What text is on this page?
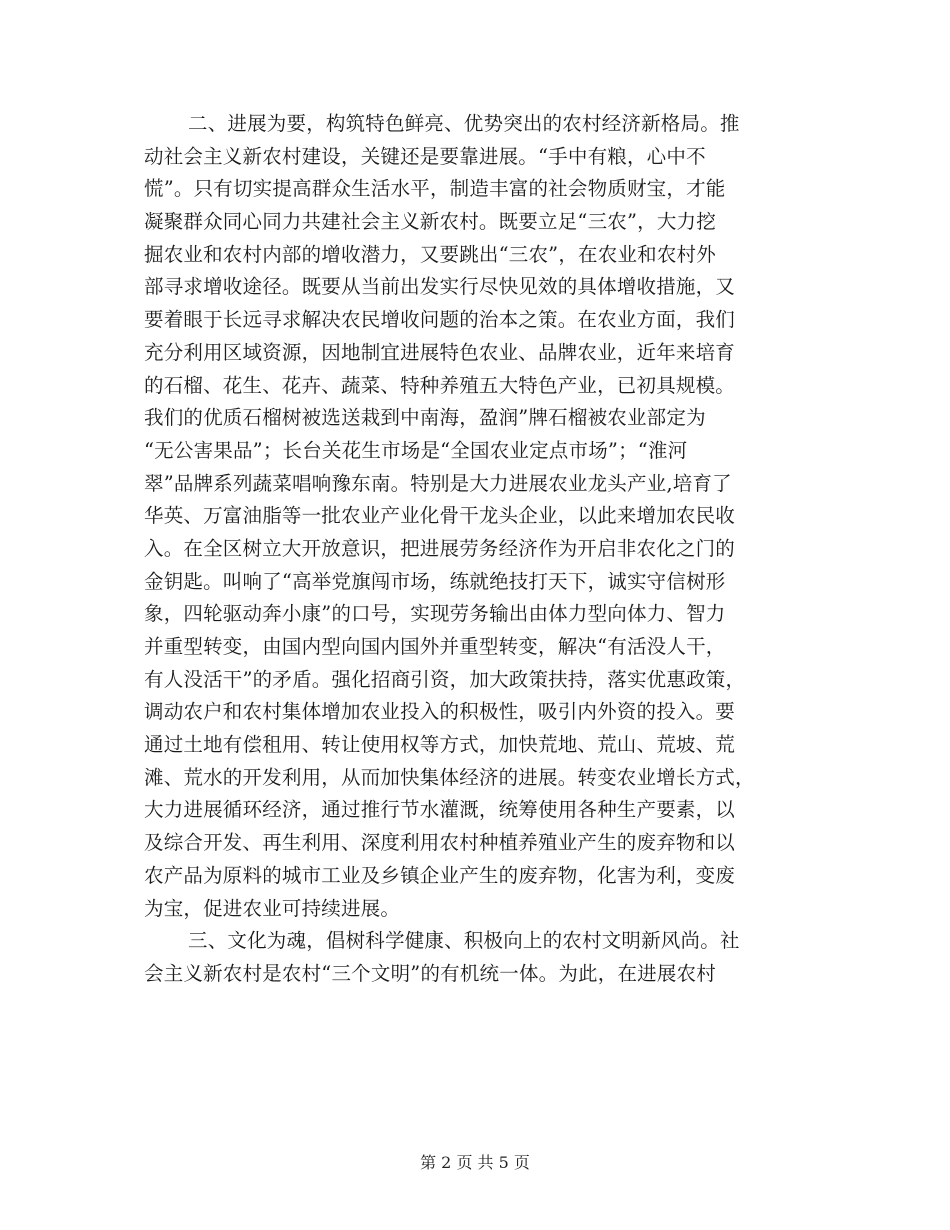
二、进展为要，构筑特色鲜亮、优势突出的农村经济新格局。推
动社会主义新农村建设，关键还是要靠进展。“手中有粮，心中不
慌”。只有切实提高群众生活水平，制造丰富的社会物质财宝，才能
凝聚群众同心同力共建社会主义新农村。既要立足“三农”，大力挖
掘农业和农村内部的增收潜力，又要跳出“三农”，在农业和农村外
部寻求增收途径。既要从当前出发实行尽快见效的具体增收措施，又
要着眼于长远寻求解决农民增收问题的治本之策。在农业方面，我们
充分利用区域资源，因地制宜进展特色农业、品牌农业，近年来培育
的石榴、花生、花卉、蔬菜、特种养殖五大特色产业，已初具规模。
我们的优质石榴树被选送栽到中南海，盈润”牌石榴被农业部定为
“无公害果品”；长台关花生市场是“全国农业定点市场”；“淮河
翠”品牌系列蔬菜唱响豫东南。特别是大力进展农业龙头产业,培育了
华英、万富油脂等一批农业产业化骨干龙头企业，以此来增加农民收
入。在全区树立大开放意识，把进展劳务经济作为开启非农化之门的
金钥匙。叫响了“高举党旗闯市场，练就绝技打天下，诚实守信树形
象，四轮驱动奔小康”的口号，实现劳务输出由体力型向体力、智力
并重型转变，由国内型向国内国外并重型转变，解决“有活没人干，
有人没活干”的矛盾。强化招商引资，加大政策扶持，落实优惠政策，
调动农户和农村集体增加农业投入的积极性，吸引内外资的投入。要
通过土地有偿租用、转让使用权等方式，加快荒地、荒山、荒坡、荒
滩、荒水的开发利用，从而加快集体经济的进展。转变农业增长方式，
大力进展循环经济，通过推行节水灌溉，统筹使用各种生产要素，以
及综合开发、再生利用、深度利用农村种植养殖业产生的废弃物和以
农产品为原料的城市工业及乡镇企业产生的废弃物，化害为利，变废
为宝，促进农业可持续进展。
三、文化为魂，倡树科学健康、积极向上的农村文明新风尚。社
会主义新农村是农村“三个文明”的有机统一体。为此，在进展农村
第 2 页 共 5 页
